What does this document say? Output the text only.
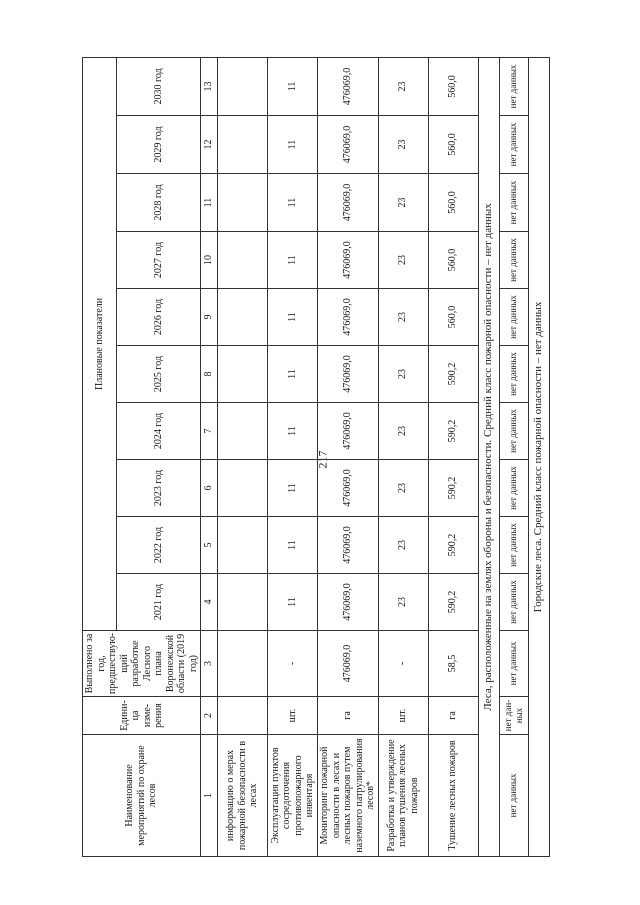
217
Наименование мероприятий по охране лесов	Едини-ца изме-рения	Выполнено за год, предшествую-щий разработке Лесного плана Воронежской области (2019 год)	Плановые показатели									
			2021 год	2022 год	2023 год	2024 год	2025 год	2026 год	2027 год	2028 год	2029 год	2030 год
1	2	3	4	5	6	7	8	9	10	11	12	13
информацию о мерах пожарной безопасности в лесах												
Эксплуатация пунктов сосредоточения противопожарного инвентаря	шт.	-	11	11	11	11	11	11	11	11	11	11
Мониторинг пожарной опасности в лесах и лесных пожаров путем наземного патрулирования лесов*	га	476069,0	476069,0	476069,0	476069,0	476069,0	476069,0	476069,0	476069,0	476069,0	476069,0	476069,0
Разработка и утверждение планов тушения лесных пожаров	шт.	-	23	23	23	23	23	23	23	23	23	23
Тушение лесных пожаров	га	58,5	590,2	590,2	590,2	590,2	590,2	560,0	560,0	560,0	560,0	560,0
Леса, расположенные на землях обороны и безопасности. Средний класс пожарной опасности – нет данных												
нет данных	нет дан-ных	нет данных	нет данных	нет данных	нет данных	нет данных	нет данных	нет данных	нет данных	нет данных	нет данных	нет данных
Городские леса. Средний класс пожарной опасности – нет данных												
